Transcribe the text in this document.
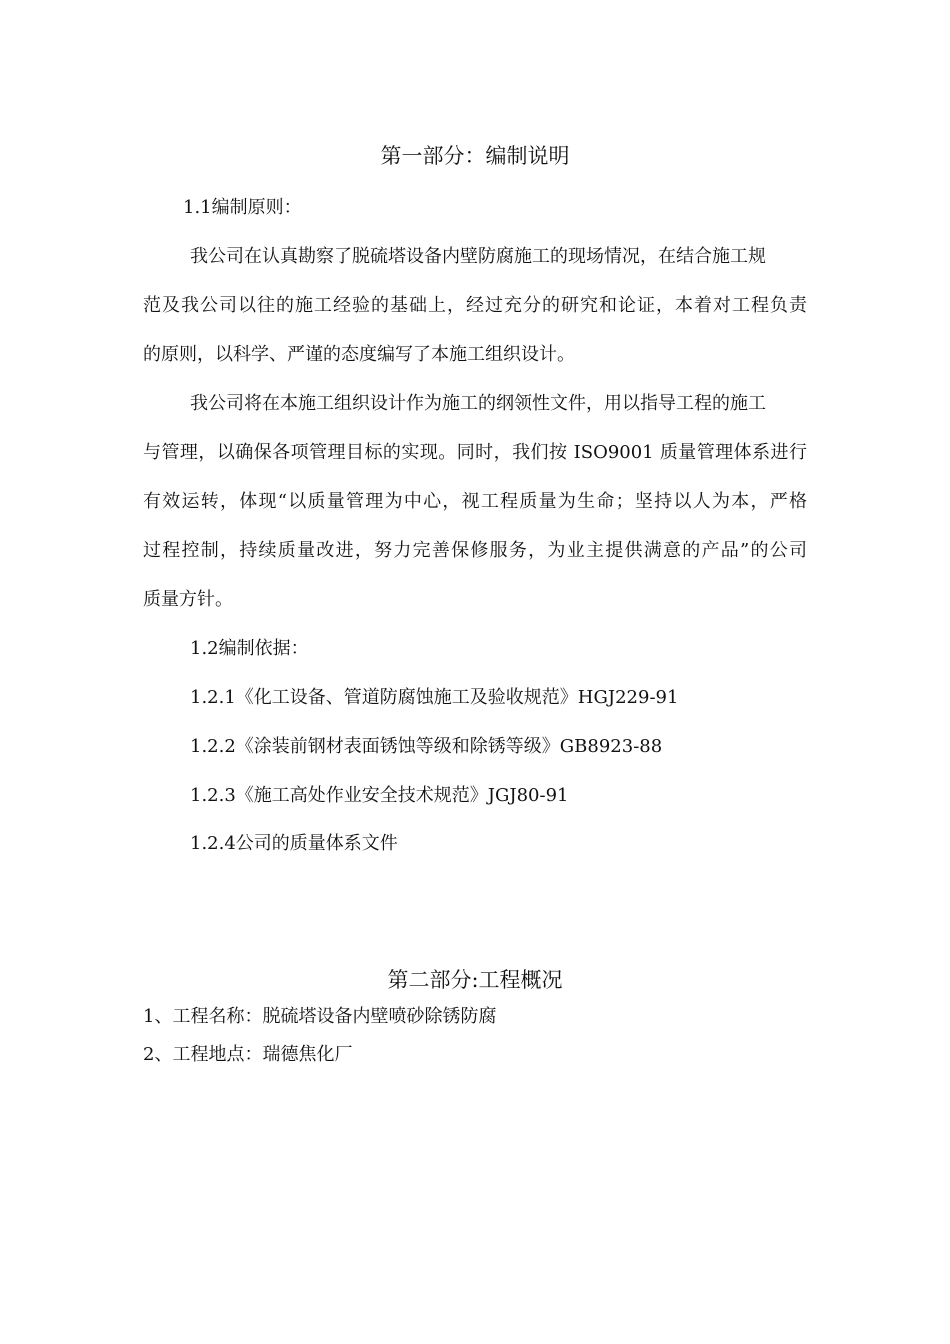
第一部分：编制说明
1.1编制原则：
我公司在认真勘察了脱硫塔设备内壁防腐施工的现场情况，在结合施工规
范及我公司以往的施工经验的基础上，经过充分的研究和论证，本着对工程负责
的原则，以科学、严谨的态度编写了本施工组织设计。
我公司将在本施工组织设计作为施工的纲领性文件，用以指导工程的施工
与管理，以确保各项管理目标的实现。同时，我们按 ISO9001 质量管理体系进行
有效运转，体现“以质量管理为中心，视工程质量为生命；坚持以人为本，严格
过程控制，持续质量改进，努力完善保修服务，为业主提供满意的产品”的公司
质量方针。
1.2编制依据：
1.2.1《化工设备、管道防腐蚀施工及验收规范》HGJ229-91
1.2.2《涂装前钢材表面锈蚀等级和除锈等级》GB8923-88
1.2.3《施工高处作业安全技术规范》JGJ80-91
1.2.4公司的质量体系文件
第二部分:工程概况
1、工程名称：脱硫塔设备内壁喷砂除锈防腐
2、工程地点：瑞德焦化厂
